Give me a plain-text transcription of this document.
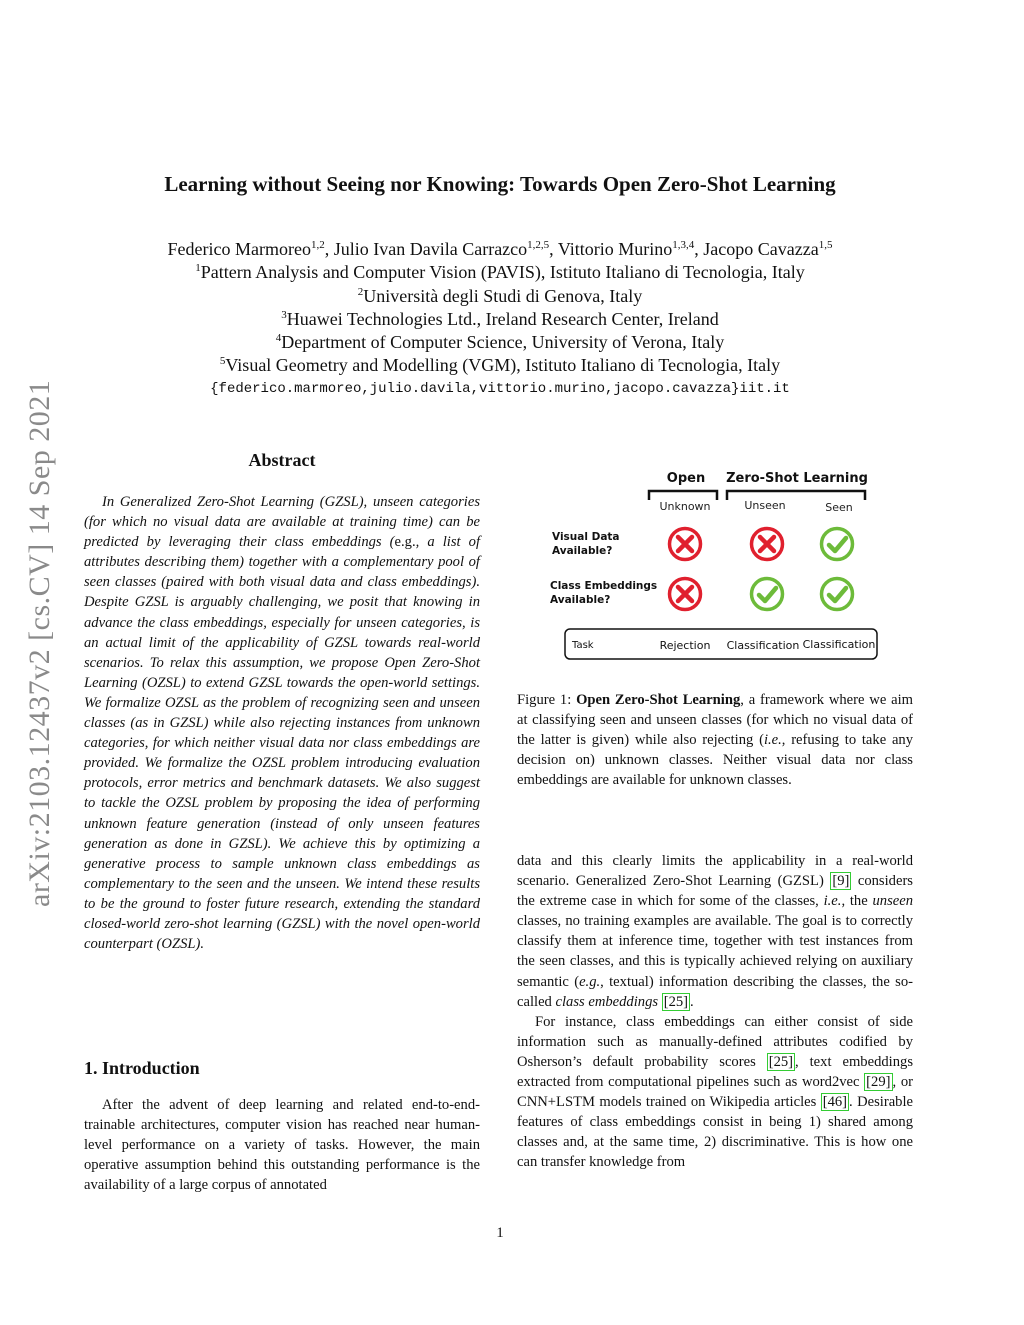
arXiv:2103.12437v2 [cs.CV] 14 Sep 2021
Learning without Seeing nor Knowing: Towards Open Zero-Shot Learning
Federico Marmoreo$^{1,2}$, Julio Ivan Davila Carrazco$^{1,2,5}$, Vittorio Murino$^{1,3,4}$, Jacopo Cavazza$^{1,5}$
$^1$Pattern Analysis and Computer Vision (PAVIS), Istituto Italiano di Tecnologia, Italy
$^2$Università degli Studi di Genova, Italy
$^3$Huawei Technologies Ltd., Ireland Research Center, Ireland
$^4$Department of Computer Science, University of Verona, Italy
$^5$Visual Geometry and Modelling (VGM), Istituto Italiano di Tecnologia, Italy
{federico.marmoreo,julio.davila,vittorio.murino,jacopo.cavazza}iit.it
Abstract
In Generalized Zero-Shot Learning (GZSL), unseen categories (for which no visual data are available at training time) can be predicted by leveraging their class embeddings (e.g., a list of attributes describing them) together with a complementary pool of seen classes (paired with both visual data and class embeddings). Despite GZSL is arguably challenging, we posit that knowing in advance the class embeddings, especially for unseen categories, is an actual limit of the applicability of GZSL towards real-world scenarios. To relax this assumption, we propose Open Zero-Shot Learning (OZSL) to extend GZSL towards the open-world settings. We formalize OZSL as the problem of recognizing seen and unseen classes (as in GZSL) while also rejecting instances from unknown categories, for which neither visual data nor class embeddings are provided. We formalize the OZSL problem introducing evaluation protocols, error metrics and benchmark datasets. We also suggest to tackle the OZSL problem by proposing the idea of performing unknown feature generation (instead of only unseen features generation as done in GZSL). We achieve this by optimizing a generative process to sample unknown class embeddings as complementary to the seen and the unseen. We intend these results to be the ground to foster future research, extending the standard closed-world zero-shot learning (GZSL) with the novel open-world counterpart (OZSL).
1. Introduction
After the advent of deep learning and related end-to-end-trainable architectures, computer vision has reached near human-level performance on a variety of tasks. However, the main operative assumption behind this outstanding performance is the availability of a large corpus of annotated
Open Zero-Shot Learning
Unknown	Unseen	Seen
Visual Data Available?
Class Embeddings Available?
Task	Rejection Classification Classification
Figure 1: Open Zero-Shot Learning, a framework where we aim at classifying seen and unseen classes (for which no visual data of the latter is given) while also rejecting (i.e., refusing to take any decision on) unknown classes. Neither visual data nor class embeddings are available for unknown classes.

data and this clearly limits the applicability in a real-world scenario. Generalized Zero-Shot Learning (GZSL) [9] considers the extreme case in which for some of the classes, i.e., the unseen classes, no training examples are available. The goal is to correctly classify them at inference time, together with test instances from the seen classes, and this is typically achieved relying on auxiliary semantic (e.g., textual) information describing the classes, the so-called class embeddings [25] .

For instance, class embeddings can either consist of side information such as manually-defined attributes codified by Osherson’s default probability scores [25] , text embeddings extracted from computational pipelines such as word2vec [29] , or CNN+LSTM models trained on Wikipedia articles [46] . Desirable features of class embeddings consist in being 1) shared among classes and, at the same time, 2) discriminative. This is how one can transfer knowledge from

1
